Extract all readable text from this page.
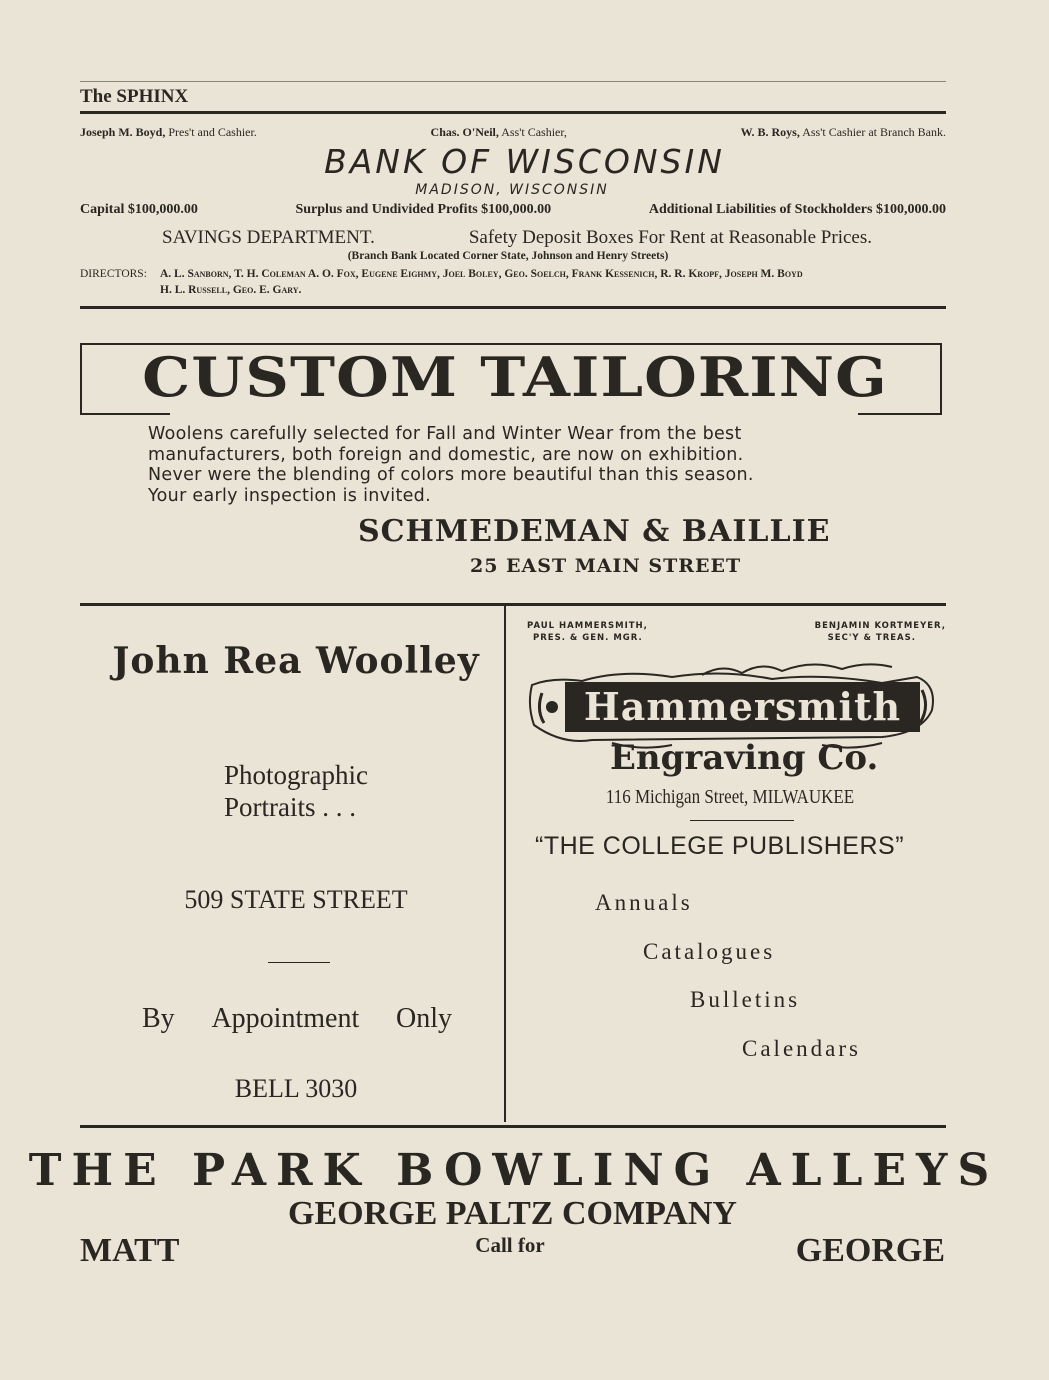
The SPHINX
Joseph M. Boyd, Pres't and Cashier.	Chas. O'Neil, Ass't Cashier,	W. B. Roys, Ass't Cashier at Branch Bank.
BANK OF WISCONSIN
MADISON, WISCONSIN
Capital $100,000.00	Surplus and Undivided Profits $100,000.00	Additional Liabilities of Stockholders $100,000.00
SAVINGS DEPARTMENT.	Safety Deposit Boxes For Rent at Reasonable Prices.
(Branch Bank Located Corner State, Johnson and Henry Streets)
DIRECTORS: A. L. Sanborn, T. H. Coleman A. O. Fox, Eugene Eighmy, Joel Boley, Geo. Soelch, Frank Kessenich, R. R. Kropf, Joseph M. Boyd
H. L. Russell, Geo. E. Gary.
CUSTOM TAILORING
Woolens carefully selected for Fall and Winter Wear from the best
manufacturers, both foreign and domestic, are now on exhibition.
Never were the blending of colors more beautiful than this season.
Your early inspection is invited.
SCHMEDEMAN & BAILLIE
25 EAST MAIN STREET
John Rea Woolley
Photographic
Portraits . . .
509 STATE STREET
By Appointment Only
BELL 3030
PAUL HAMMERSMITH,
PRES. & GEN. MGR.
BENJAMIN KORTMEYER,
SEC'Y & TREAS.
Hammersmith
Engraving Co.
116 Michigan Street, MILWAUKEE
“THE COLLEGE PUBLISHERS”
Annuals
Catalogues
Bulletins
Calendars
THE PARK BOWLING ALLEYS
GEORGE PALTZ COMPANY
MATT	Call for	GEORGE
